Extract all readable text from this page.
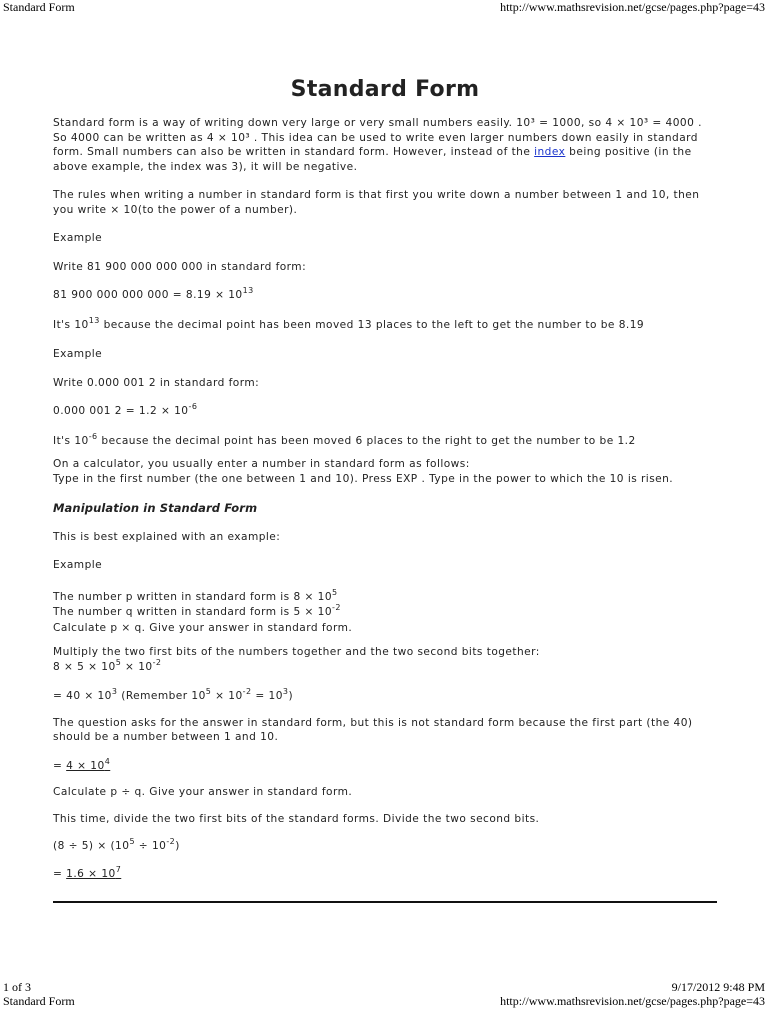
Standard Form	http://www.mathsrevision.net/gcse/pages.php?page=43
Standard Form

Standard form is a way of writing down very large or very small numbers easily. 10³ = 1000, so 4 × 10³ = 4000 . So 4000 can be written as 4 × 10³ . This idea can be used to write even larger numbers down easily in standard form. Small numbers can also be written in standard form. However, instead of the index being positive (in the above example, the index was 3), it will be negative.

The rules when writing a number in standard form is that first you write down a number between 1 and 10, then you write × 10(to the power of a number).

Example

Write 81 900 000 000 000 in standard form:

81 900 000 000 $000 = 8.19 \times 10^{13}$

It's $10^{13}$ because the decimal point has been moved 13 places to the left to get the number to be 8.19

Example

Write 0.000 001 2 in standard form:

0.000 001 $2 = 1.2 \times 10^{-6}$

It's $10^{-6}$ because the decimal point has been moved 6 places to the right to get the number to be 1.2

On a calculator, you usually enter a number in standard form as follows:
Type in the first number (the one between 1 and 10). Press EXP . Type in the power to which the 10 is risen.

Manipulation in Standard Form

This is best explained with an example:

Example

The number p written in standard form is $8 \times 10^5$
The number q written in standard form is $5 \times 10^{-2}$
Calculate p × q. Give your answer in standard form.

Multiply the two first bits of the numbers together and the two second bits together:
$8 \times 5 \times 10^5 \times 10^{-2}$

= $40 \times 10^3$ (Remember $10^5 \times 10^{-2} = 10^3$)

The question asks for the answer in standard form, but this is not standard form because the first part (the 40) should be a number between 1 and 10.

= $4 \times 10^4$

Calculate p ÷ q. Give your answer in standard form.

This time, divide the two first bits of the standard forms. Divide the two second bits.

$(8 \div 5) \times (10^5 \div 10^{-2})$

= $1.6 \times 10^7$

1 of 3	9/17/2012 9:48 PM
Standard Form	http://www.mathsrevision.net/gcse/pages.php?page=43
